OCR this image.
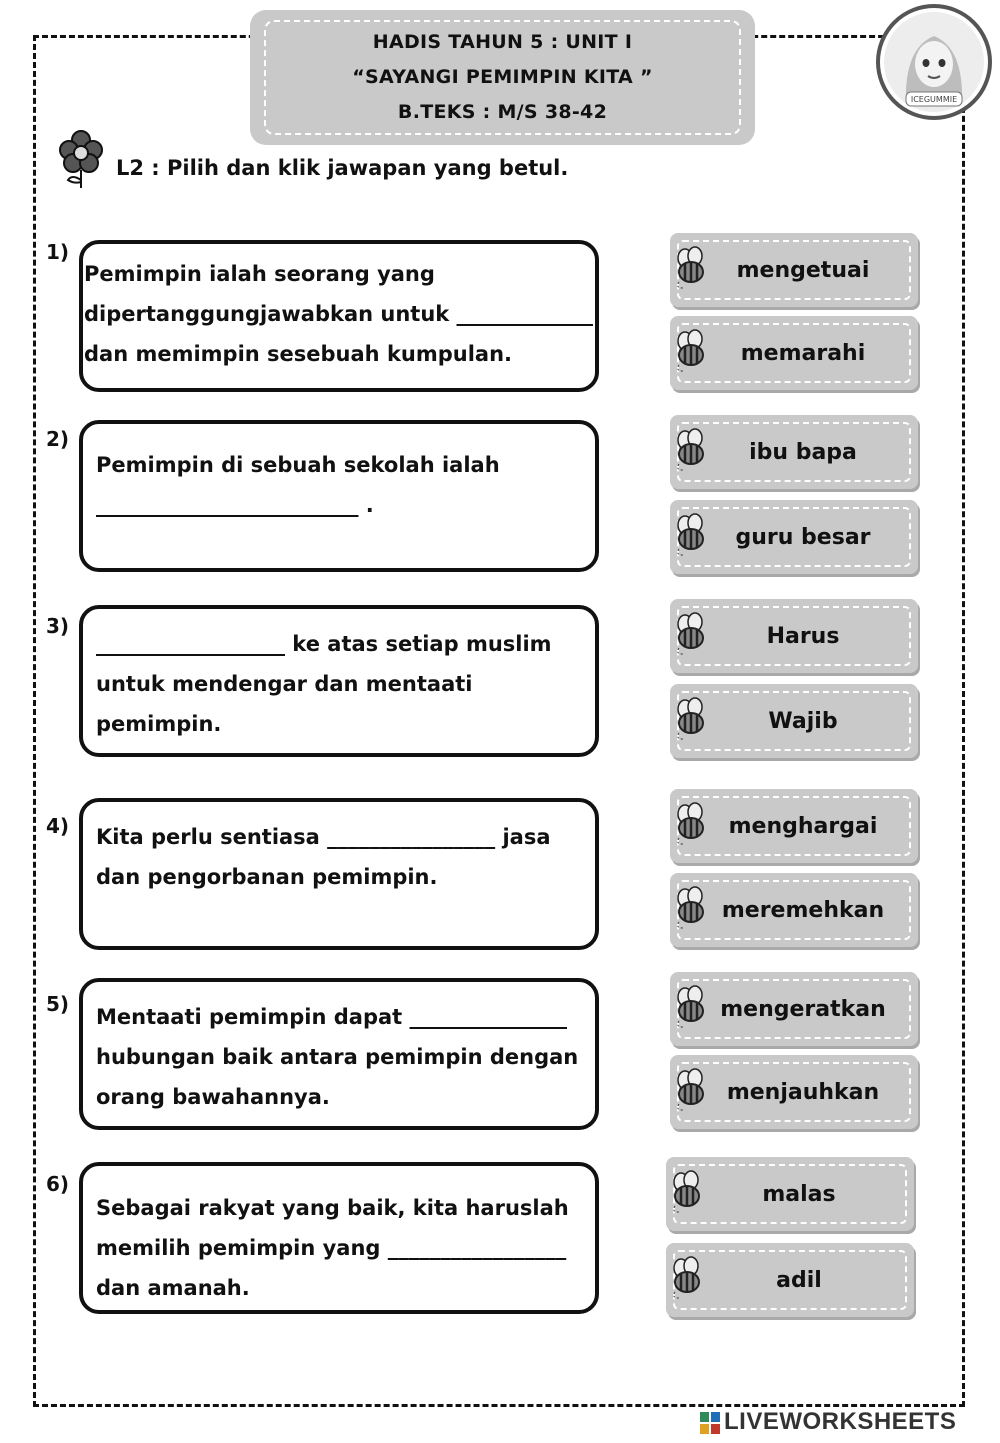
HADIS TAHUN 5 : UNIT I
“SAYANGI PEMIMPIN KITA ”
B.TEKS : M/S 38-42
ICEGUMMIE
L2 : Pilih dan klik jawapan yang betul.
1)
Pemimpin ialah seorang yang
dipertanggungjawabkan untuk _____________
dan memimpin sesebuah kumpulan.
mengetuai
memarahi
2)
Pemimpin di sebuah sekolah ialah
_________________________ .
ibu bapa
guru besar
3)
__________________ ke atas setiap muslim
untuk mendengar dan mentaati
pemimpin.
Harus
Wajib
4) Kita perlu sentiasa ________________ jasa
dan pengorbanan pemimpin.
menghargai
meremehkan
5)
Mentaati pemimpin dapat _______________
hubungan baik antara pemimpin dengan
orang bawahannya.
mengeratkan
menjauhkan
6)
Sebagai rakyat yang baik, kita haruslah
memilih pemimpin yang _________________
dan amanah.
malas
adil
LIVEWORKSHEETS
